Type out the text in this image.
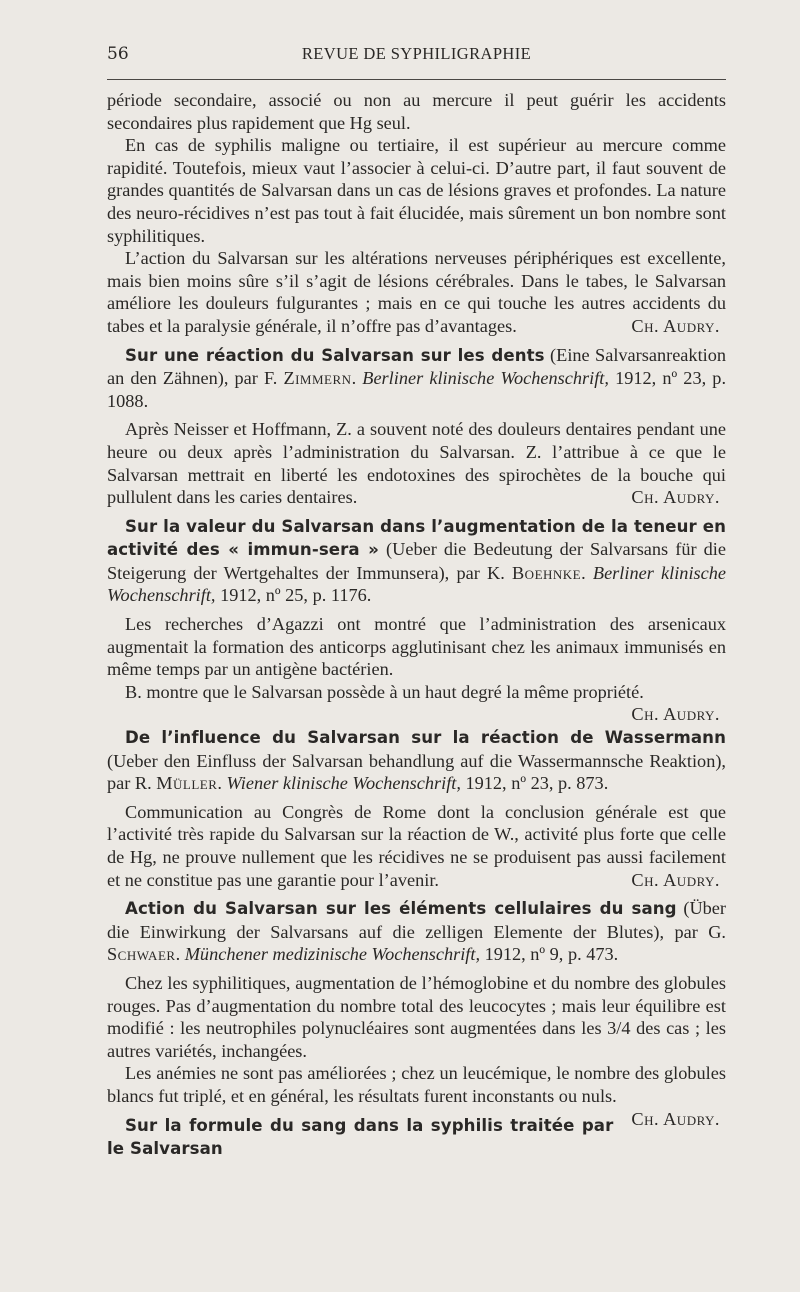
56	REVUE DE SYPHILIGRAPHIE

période secondaire, associé ou non au mercure il peut guérir les accidents secondaires plus rapidement que Hg seul.

En cas de syphilis maligne ou tertiaire, il est supérieur au mercure comme rapidité. Toutefois, mieux vaut l’associer à celui-ci. D’autre part, il faut souvent de grandes quantités de Salvarsan dans un cas de lésions graves et profondes. La nature des neuro-récidives n’est pas tout à fait élucidée, mais sûrement un bon nombre sont syphilitiques.

L’action du Salvarsan sur les altérations nerveuses périphériques est excellente, mais bien moins sûre s’il s’agit de lésions cérébrales. Dans le tabes, le Salvarsan améliore les douleurs fulgurantes ; mais en ce qui touche les autres accidents du tabes et la paralysie générale, il n’offre pas d’avantages.	Ch. Audry.

Sur une réaction du Salvarsan sur les dents (Eine Salvarsanreaktion an den Zähnen), par F. Zimmern. Berliner klinische Wochenschrift, 1912, nº 23, p. 1088.

Après Neisser et Hoffmann, Z. a souvent noté des douleurs dentaires pendant une heure ou deux après l’administration du Salvarsan. Z. l’attribue à ce que le Salvarsan mettrait en liberté les endotoxines des spirochètes de la bouche qui pullulent dans les caries dentaires.	Ch. Audry.

Sur la valeur du Salvarsan dans l’augmentation de la teneur en activité des « immun-sera » (Ueber die Bedeutung der Salvarsans für die Steigerung der Wertgehaltes der Immunsera), par K. Boehnke. Berliner klinische Wochenschrift, 1912, nº 25, p. 1176.

Les recherches d’Agazzi ont montré que l’administration des arsenicaux augmentait la formation des anticorps agglutinisant chez les animaux immunisés en même temps par un antigène bactérien.

B. montre que le Salvarsan possède à un haut degré la même propriété.

Ch. Audry.

De l’influence du Salvarsan sur la réaction de Wassermann (Ueber den Einfluss der Salvarsan behandlung auf die Wassermannsche Reaktion), par R. Müller. Wiener klinische Wochenschrift, 1912, nº 23, p. 873.

Communication au Congrès de Rome dont la conclusion générale est que l’activité très rapide du Salvarsan sur la réaction de W., activité plus forte que celle de Hg, ne prouve nullement que les récidives ne se produisent pas aussi facilement et ne constitue pas une garantie pour l’avenir.	Ch. Audry.

Action du Salvarsan sur les éléments cellulaires du sang (Über die Einwirkung der Salvarsans auf die zelligen Elemente der Blutes), par G. Schwaer. Münchener medizinische Wochenschrift, 1912, nº 9, p. 473.

Chez les syphilitiques, augmentation de l’hémoglobine et du nombre des globules rouges. Pas d’augmentation du nombre total des leucocytes ; mais leur équilibre est modifié : les neutrophiles polynucléaires sont augmentées dans les 3/4 des cas ; les autres variétés, inchangées.

Les anémies ne sont pas améliorées ; chez un leucémique, le nombre des globules blancs fut triplé, et en général, les résultats furent inconstants ou nuls.
Ch. Audry.

Sur la formule du sang dans la syphilis traitée par le Salvarsan
